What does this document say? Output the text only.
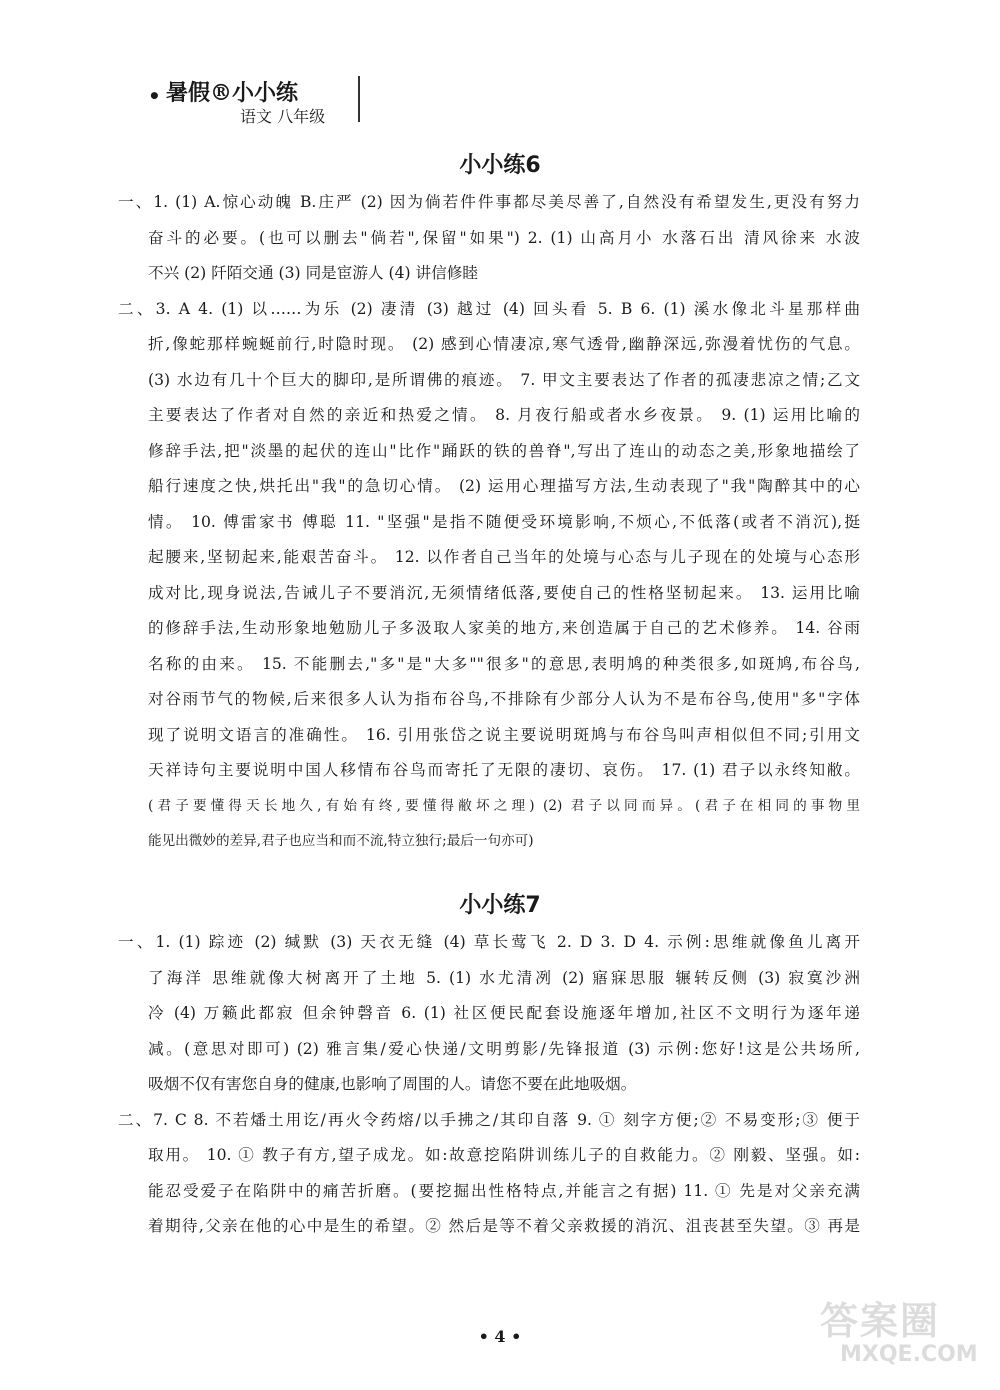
• 暑假®小小练
语文 八年级
小小练6
一、1. (1) A.惊心动魄 B.庄严 (2) 因为倘若件件事都尽美尽善了,自然没有希望发生,更没有努力
奋斗的必要。(也可以删去"倘若",保留"如果") 2. (1) 山高月小 水落石出 清风徐来 水波
不兴 (2) 阡陌交通 (3) 同是宦游人 (4) 讲信修睦
二、3. A 4. (1) 以……为乐 (2) 凄清 (3) 越过 (4) 回头看 5. B 6. (1) 溪水像北斗星那样曲
折,像蛇那样蜿蜒前行,时隐时现。 (2) 感到心情凄凉,寒气透骨,幽静深远,弥漫着忧伤的气息。
(3) 水边有几十个巨大的脚印,是所谓佛的痕迹。 7. 甲文主要表达了作者的孤凄悲凉之情;乙文
主要表达了作者对自然的亲近和热爱之情。 8. 月夜行船或者水乡夜景。 9. (1) 运用比喻的
修辞手法,把"淡墨的起伏的连山"比作"踊跃的铁的兽脊",写出了连山的动态之美,形象地描绘了
船行速度之快,烘托出"我"的急切心情。 (2) 运用心理描写方法,生动表现了"我"陶醉其中的心
情。 10. 傅雷家书 傅聪 11. "坚强"是指不随便受环境影响,不烦心,不低落(或者不消沉),挺
起腰来,坚韧起来,能艰苦奋斗。 12. 以作者自己当年的处境与心态与儿子现在的处境与心态形
成对比,现身说法,告诫儿子不要消沉,无须情绪低落,要使自己的性格坚韧起来。 13. 运用比喻
的修辞手法,生动形象地勉励儿子多汲取人家美的地方,来创造属于自己的艺术修养。 14. 谷雨
名称的由来。 15. 不能删去,"多"是"大多""很多"的意思,表明鸠的种类很多,如斑鸠,布谷鸟,
对谷雨节气的物候,后来很多人认为指布谷鸟,不排除有少部分人认为不是布谷鸟,使用"多"字体
现了说明文语言的准确性。 16. 引用张岱之说主要说明斑鸠与布谷鸟叫声相似但不同;引用文
天祥诗句主要说明中国人移情布谷鸟而寄托了无限的凄切、哀伤。 17. (1) 君子以永终知敝。
(君子要懂得天长地久,有始有终,要懂得敝坏之理) (2) 君子以同而异。(君子在相同的事物里
能见出微妙的差异,君子也应当和而不流,特立独行;最后一句亦可)
小小练7
一、1. (1) 踪迹 (2) 缄默 (3) 天衣无缝 (4) 草长莺飞 2. D 3. D 4. 示例:思维就像鱼儿离开
了海洋 思维就像大树离开了土地 5. (1) 水尤清冽 (2) 寤寐思服 辗转反侧 (3) 寂寞沙洲
冷 (4) 万籁此都寂 但余钟磬音 6. (1) 社区便民配套设施逐年增加,社区不文明行为逐年递
减。(意思对即可) (2) 雅言集/爱心快递/文明剪影/先锋报道 (3) 示例:您好!这是公共场所,
吸烟不仅有害您自身的健康,也影响了周围的人。请您不要在此地吸烟。
二、7. C 8. 不若燔土用讫/再火令药熔/以手拂之/其印自落 9. ① 刻字方便;② 不易变形;③ 便于
取用。 10. ① 教子有方,望子成龙。如:故意挖陷阱训练儿子的自救能力。② 刚毅、坚强。如:
能忍受爱子在陷阱中的痛苦折磨。(要挖掘出性格特点,并能言之有据) 11. ① 先是对父亲充满
着期待,父亲在他的心中是生的希望。② 然后是等不着父亲救援的消沉、沮丧甚至失望。③ 再是
• 4 •	答案圈
MXQE.COM
